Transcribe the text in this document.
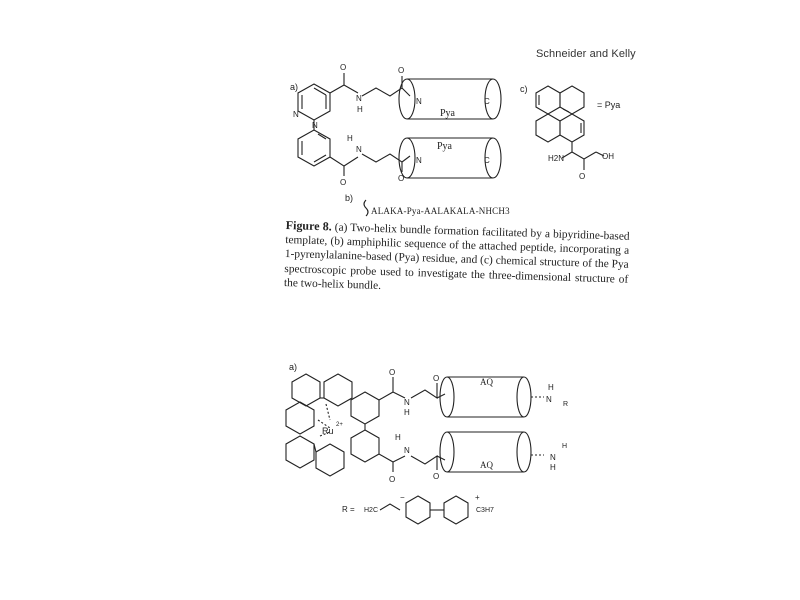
Schneider and Kelly
a)
N
N
O
N
H
O
O
N
H
O
N	C
Pya
N	C
Pya
c)
= Pya
OH
O
H2N
b)
ALAKA-Pya-AALAKALA-NHCH3
a)
Ru
2+
O
N
H
O
O
N
H
O
AQ
H
N
R
AQ
H
N
H
R = H2C
−	+
C3H7
Figure 8. (a) Two-helix bundle formation facilitated by a bipyridine-based template, (b) amphiphilic sequence of the attached peptide, incorporating a 1-pyrenylalanine-based (Pya) residue, and (c) chemical structure of the Pya spectroscopic probe used to investigate the three-dimensional structure of the two-helix bundle.
